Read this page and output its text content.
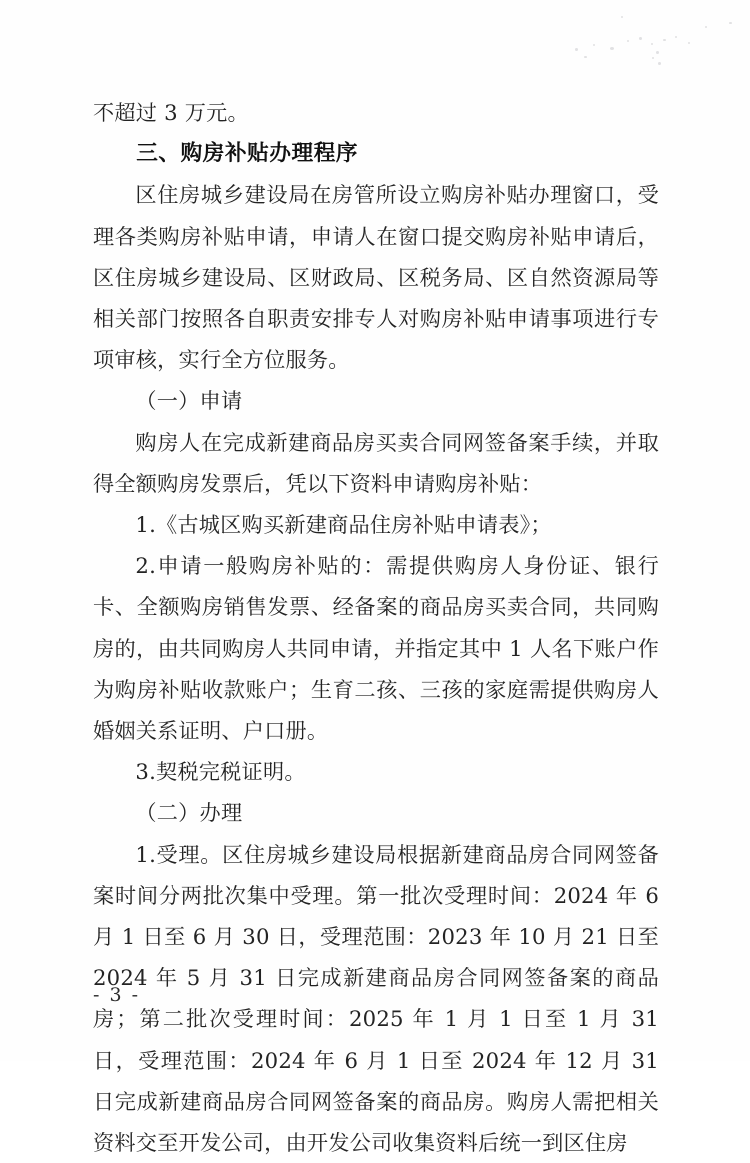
不超过 3 万元。

三、购房补贴办理程序

区住房城乡建设局在房管所设立购房补贴办理窗口，受理各类购房补贴申请，申请人在窗口提交购房补贴申请后，区住房城乡建设局、区财政局、区税务局、区自然资源局等相关部门按照各自职责安排专人对购房补贴申请事项进行专项审核，实行全方位服务。

（一）申请

购房人在完成新建商品房买卖合同网签备案手续，并取得全额购房发票后，凭以下资料申请购房补贴：

1.《古城区购买新建商品住房补贴申请表》；

2.申请一般购房补贴的：需提供购房人身份证、银行卡、全额购房销售发票、经备案的商品房买卖合同，共同购房的，由共同购房人共同申请，并指定其中 1 人名下账户作为购房补贴收款账户；生育二孩、三孩的家庭需提供购房人婚姻关系证明、户口册。

3.契税完税证明。

（二）办理

1.受理。区住房城乡建设局根据新建商品房合同网签备案时间分两批次集中受理。第一批次受理时间：2024 年 6 月 1 日至 6 月 30 日，受理范围：2023 年 10 月 21 日至 2024 年 5 月 31 日完成新建商品房合同网签备案的商品房；第二批次受理时间：2025 年 1 月 1 日至 1 月 31 日，受理范围：2024 年 6 月 1 日至 2024 年 12 月 31 日完成新建商品房合同网签备案的商品房。购房人需把相关资料交至开发公司，由开发公司收集资料后统一到区住房

- 3 -
